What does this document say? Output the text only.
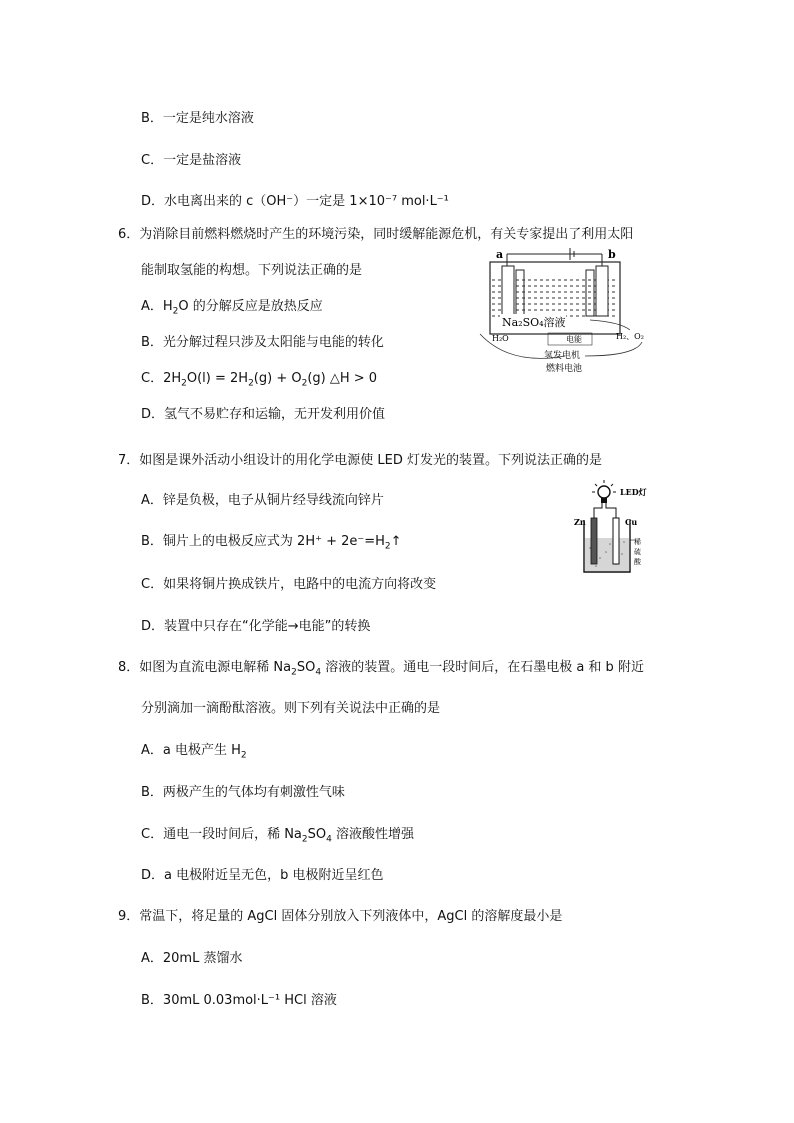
B．一定是纯水溶液
C．一定是盐溶液
D．水电离出来的 c（OH⁻）一定是 1×10⁻⁷ mol·L⁻¹
6．为消除目前燃料燃烧时产生的环境污染，同时缓解能源危机，有关专家提出了利用太阳
能制取氢能的构想。下列说法正确的是
A．$H_2O$ 的分解反应是放热反应
B．光分解过程只涉及太阳能与电能的转化
C．$2H_2O(l) = 2H_2(g) + O_2(g)$ △H > 0
D．氢气不易贮存和运输，无开发利用价值
a	b
Na₂SO₄溶液
H₂O	H₂、O₂
电能
氢发电机
燃料电池
7．如图是课外活动小组设计的用化学电源使 LED 灯发光的装置。下列说法正确的是
A．锌是负极，电子从铜片经导线流向锌片
B．铜片上的电极反应式为 $2H^+ + 2e^-=H_2↑$
C．如果将铜片换成铁片，电路中的电流方向将改变
D．装置中只存在“化学能→电能”的转换
LED灯
Zn	Cu
稀
硫
酸
8．如图为直流电源电解稀 $Na_2SO_4$ 溶液的装置。通电一段时间后，在石墨电极 a 和 b 附近
分别滴加一滴酚酞溶液。则下列有关说法中正确的是
A．a 电极产生 $H_2$
B．两极产生的气体均有刺激性气味
C．通电一段时间后，稀 $Na_2SO_4$ 溶液酸性增强
D．a 电极附近呈无色，b 电极附近呈红色
9．常温下，将足量的 AgCl 固体分别放入下列液体中，AgCl 的溶解度最小是
A．20mL 蒸馏水
B．30mL 0.03mol·L⁻¹ HCl 溶液
